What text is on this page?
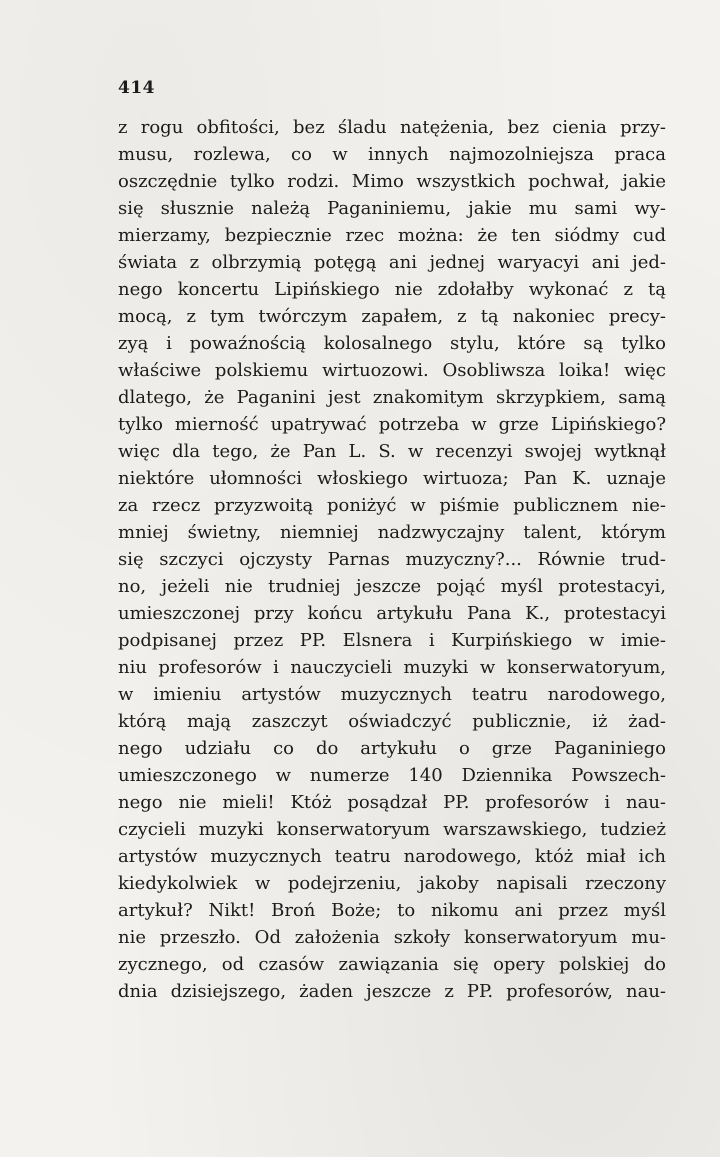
414
z rogu obfitości, bez śladu natężenia, bez cienia przy-
musu, rozlewa, co w innych najmozolniejsza praca
oszczędnie tylko rodzi. Mimo wszystkich pochwał, jakie
się słusznie należą Paganiniemu, jakie mu sami wy-
mierzamy, bezpiecznie rzec można: że ten siódmy cud
świata z olbrzymią potęgą ani jednej waryacyi ani jed-
nego koncertu Lipińskiego nie zdołałby wykonać z tą
mocą, z tym twórczym zapałem, z tą nakoniec precy-
zyą i powaźnością kolosalnego stylu, które są tylko
właściwe polskiemu wirtuozowi. Osobliwsza loika! więc
dlatego, że Paganini jest znakomitym skrzypkiem, samą
tylko mierność upatrywać potrzeba w grze Lipińskiego?
więc dla tego, że Pan L. S. w recenzyi swojej wytknął
niektóre ułomności włoskiego wirtuoza; Pan K. uznaje
za rzecz przyzwoitą poniżyć w piśmie publicznem nie-
mniej świetny, niemniej nadzwyczajny talent, którym
się szczyci ojczysty Parnas muzyczny?... Równie trud-
no, jeżeli nie trudniej jeszcze pojąć myśl protestacyi,
umieszczonej przy końcu artykułu Pana K., protestacyi
podpisanej przez PP. Elsnera i Kurpińskiego w imie-
niu profesorów i nauczycieli muzyki w konserwatoryum,
w imieniu artystów muzycznych teatru narodowego,
którą mają zaszczyt oświadczyć publicznie, iż żad-
nego udziału co do artykułu o grze Paganiniego
umieszczonego w numerze 140 Dziennika Powszech-
nego nie mieli! Któż posądzał PP. profesorów i nau-
czycieli muzyki konserwatoryum warszawskiego, tudzież
artystów muzycznych teatru narodowego, któż miał ich
kiedykolwiek w podejrzeniu, jakoby napisali rzeczony
artykuł? Nikt! Broń Boże; to nikomu ani przez myśl
nie przeszło. Od założenia szkoły konserwatoryum mu-
zycznego, od czasów zawiązania się opery polskiej do
dnia dzisiejszego, żaden jeszcze z PP. profesorów, nau-
